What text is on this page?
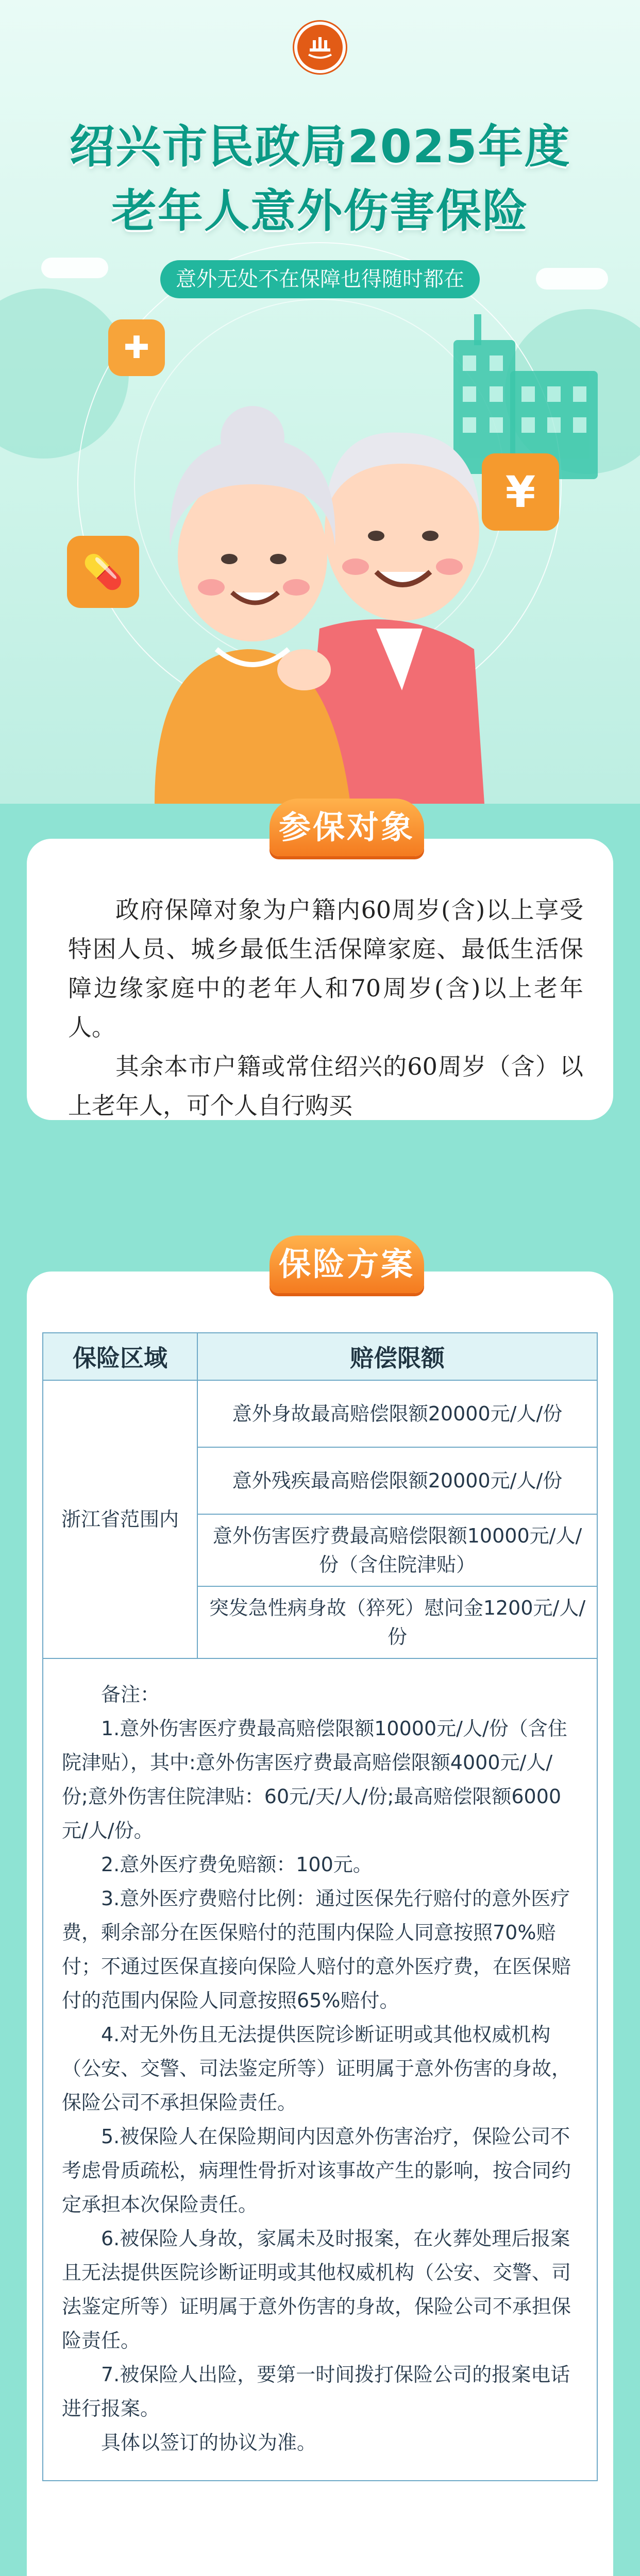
绍兴市民政局2025年度
老年人意外伤害保险
意外无处不在保障也得随时都在
✚
💊
¥
参保对象

政府保障对象为户籍内60周岁(含)以上享受特困人员、城乡最低生活保障家庭、最低生活保障边缘家庭中的老年人和70周岁(含)以上老年人。

其余本市户籍或常住绍兴的60周岁（含）以上老年人，可个人自行购买

保险方案
保险区域	赔偿限额
浙江省范围内	意外身故最高赔偿限额20000元/人/份
	意外残疾最高赔偿限额20000元/人/份
	意外伤害医疗费最高赔偿限额10000元/人/份（含住院津贴）
	突发急性病身故（猝死）慰问金1200元/人/份

备注：

1.意外伤害医疗费最高赔偿限额10000元/人/份（含住院津贴），其中:意外伤害医疗费最高赔偿限额4000元/人/份;意外伤害住院津贴：60元/天/人/份;最高赔偿限额6000元/人/份。

2.意外医疗费免赔额：100元。

3.意外医疗费赔付比例：通过医保先行赔付的意外医疗费，剩余部分在医保赔付的范围内保险人同意按照70%赔付；不通过医保直接向保险人赔付的意外医疗费，在医保赔付的范围内保险人同意按照65%赔付。

4.对无外伤且无法提供医院诊断证明或其他权威机构（公安、交警、司法鉴定所等）证明属于意外伤害的身故，保险公司不承担保险责任。

5.被保险人在保险期间内因意外伤害治疗，保险公司不考虑骨质疏松，病理性骨折对该事故产生的影响，按合同约定承担本次保险责任。

6.被保险人身故，家属未及时报案，在火葬处理后报案且无法提供医院诊断证明或其他权威机构（公安、交警、司法鉴定所等）证明属于意外伤害的身故，保险公司不承担保险责任。

7.被保险人出险，要第一时间拨打保险公司的报案电话进行报案。

具体以签订的协议为准。
